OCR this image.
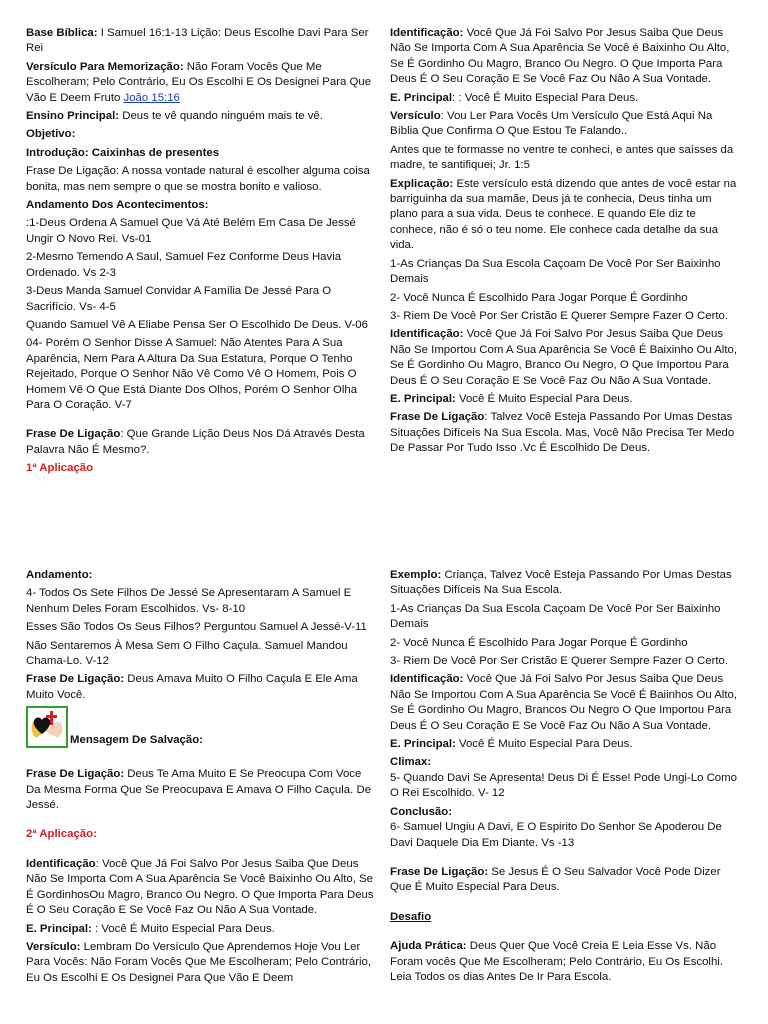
Base Bíblica: I Samuel 16:1-13 Lição: Deus Escolhe Davi Para Ser Rei

Versículo Para Memorização: Não Foram Vocês Que Me Escolheram; Pelo Contrário, Eu Os Escolhi E Os Designei Para Que Vão E Deem Fruto João 15:16

Ensino Principal: Deus te vê quando ninguém mais te vê.

Objetivo:

Introdução: Caixinhas de presentes

Frase De Ligação: A nossa vontade natural é escolher alguma coisa bonita, mas nem sempre o que se mostra bonito e valioso.

Andamento Dos Acontecimentos:

:1-Deus Ordena A Samuel Que Vá Até Belém Em Casa De Jessé Ungir O Novo Rei. Vs-01

2-Mesmo Temendo A Saul, Samuel Fez Conforme Deus Havia Ordenado. Vs 2-3

3-Deus Manda Samuel Convidar A Família De Jessé Para O Sacrifício. Vs- 4-5

Quando Samuel Vê A Eliabe Pensa Ser O Escolhido De Deus. V-06

04- Porém O Senhor Disse A Samuel: Não Atentes Para A Sua Aparência, Nem Para A Altura Da Sua Estatura, Porque O Tenho Rejeitado, Porque O Senhor Não Vê Como Vê O Homem, Pois O Homem Vê O Que Está Diante Dos Olhos, Porém O Senhor Olha Para O Coração. V-7

Frase De Ligação: Que Grande Lição Deus Nos Dá Através Desta Palavra Não É Mesmo?.

1ª Aplicação

Identificação: Você Que Já Foi Salvo Por Jesus Saiba Que Deus Não Se Importa Com A Sua Aparência Se Você é Baixinho Ou Alto, Se É Gordinho Ou Magro, Branco Ou Negro. O Que Importa Para Deus É O Seu Coração E Se Você Faz Ou Não A Sua Vontade.

E. Principal: : Você É Muito Especial Para Deus.

Versículo: Vou Ler Para Vocês Um Versículo Que Está Aqui Na Bíblia Que Confirma O Que Estou Te Falando..

Antes que te formasse no ventre te conheci, e antes que saísses da madre, te santifiquei; Jr. 1:5

Explicação: Este versículo está dizendo que antes de você estar na barriguinha da sua mamãe, Deus já te conhecia, Deus tinha um plano para a sua vida. Deus te conhece. E quando Ele diz te conhece, não é só o teu nome. Ele conhece cada detalhe da sua vida.

1-As Crianças Da Sua Escola Caçoam De Você Por Ser Baixinho Demais

2- Você Nunca É Escolhido Para Jogar Porque É Gordinho

3- Riem De Você Por Ser Cristão E Querer Sempre Fazer O Certo.

Identificação: Você Que Já Foi Salvo Por Jesus Saiba Que Deus Não Se Importou Com A Sua Aparência Se Você É Baixinho Ou Alto, Se É Gordinho Ou Magro, Branco Ou Negro, O Que Importou Para Deus É O Seu Coração E Se Você Faz Ou Não A Sua Vontade.

E. Principal: Você É Muito Especial Para Deus.

Frase De Ligação: Talvez Você Esteja Passando Por Umas Destas Situações Difíceis Na Sua Escola. Mas, Você Não Precisa Ter Medo De Passar Por Tudo Isso .Vc É Escolhido De Deus.

Andamento:

4- Todos Os Sete Filhos De Jessé Se Apresentaram A Samuel E Nenhum Deles Foram Escolhidos. Vs- 8-10

Esses São Todos Os Seus Filhos? Perguntou Samuel A Jessé-V-11

Não Sentaremos À Mesa Sem O Filho Caçula. Samuel Mandou Chama-Lo. V-12

Frase De Ligação: Deus Amava Muito O Filho Caçula E Ele Ama Muito Você.

Mensagem De Salvação:

Frase De Ligação: Deus Te Ama Muito E Se Preocupa Com Voce Da Mesma Forma Que Se Preocupava E Amava O Filho Caçula. De Jessé.

2ª Aplicação:

Identificação: Você Que Já Foi Salvo Por Jesus Saiba Que Deus Não Se Importa Com A Sua Aparência Se Você Baixinho Ou Alto, Se É GordinhosOu Magro, Branco Ou Negro. O Que Importa Para Deus É O Seu Coração E Se Você Faz Ou Não A Sua Vontade.

E. Principal: : Você É Muito Especial Para Deus.

Versículo: Lembram Do Versículo Que Aprendemos Hoje Vou Ler Para Vocês: Não Foram Vocês Que Me Escolheram; Pelo Contrário, Eu Os Escolhi E Os Designei Para Que Vão E Deem

Exemplo: Criança, Talvez Você Esteja Passando Por Umas Destas Situações Difíceis Na Sua Escola.

1-As Crianças Da Sua Escola Caçoam De Você Por Ser Baixinho Demais

2- Você Nunca É Escolhido Para Jogar Porque É Gordinho

3- Riem De Você Por Ser Cristão E Querer Sempre Fazer O Certo.

Identificação: Você Que Já Foi Salvo Por Jesus Saiba Que Deus Não Se Importou Com A Sua Aparência Se Você É Baiinhos Ou Alto, Se É Gordinho Ou Magro, Brancos Ou Negro O Que Importou Para Deus É O Seu Coração E Se Você Faz Ou Não A Sua Vontade.

E. Principal: Você É Muito Especial Para Deus.

Climax:

5- Quando Davi Se Apresenta! Deus Di É Esse! Pode Ungi-Lo Como O Rei Escolhido. V- 12

Conclusão:

6- Samuel Ungiu A Davi, E O Espirito Do Senhor Se Apoderou De Davi Daquele Dia Em Diante. Vs -13

Frase De Ligação: Se Jesus É O Seu Salvador Você Pode Dizer Que É Muito Especial Para Deus.

Desafio

Ajuda Prática: Deus Quer Que Você Creia E Leia Esse Vs. Não Foram vocês Que Me Escolheram; Pelo Contrário, Eu Os Escolhi. Leia Todos os dias Antes De Ir Para Escola.
